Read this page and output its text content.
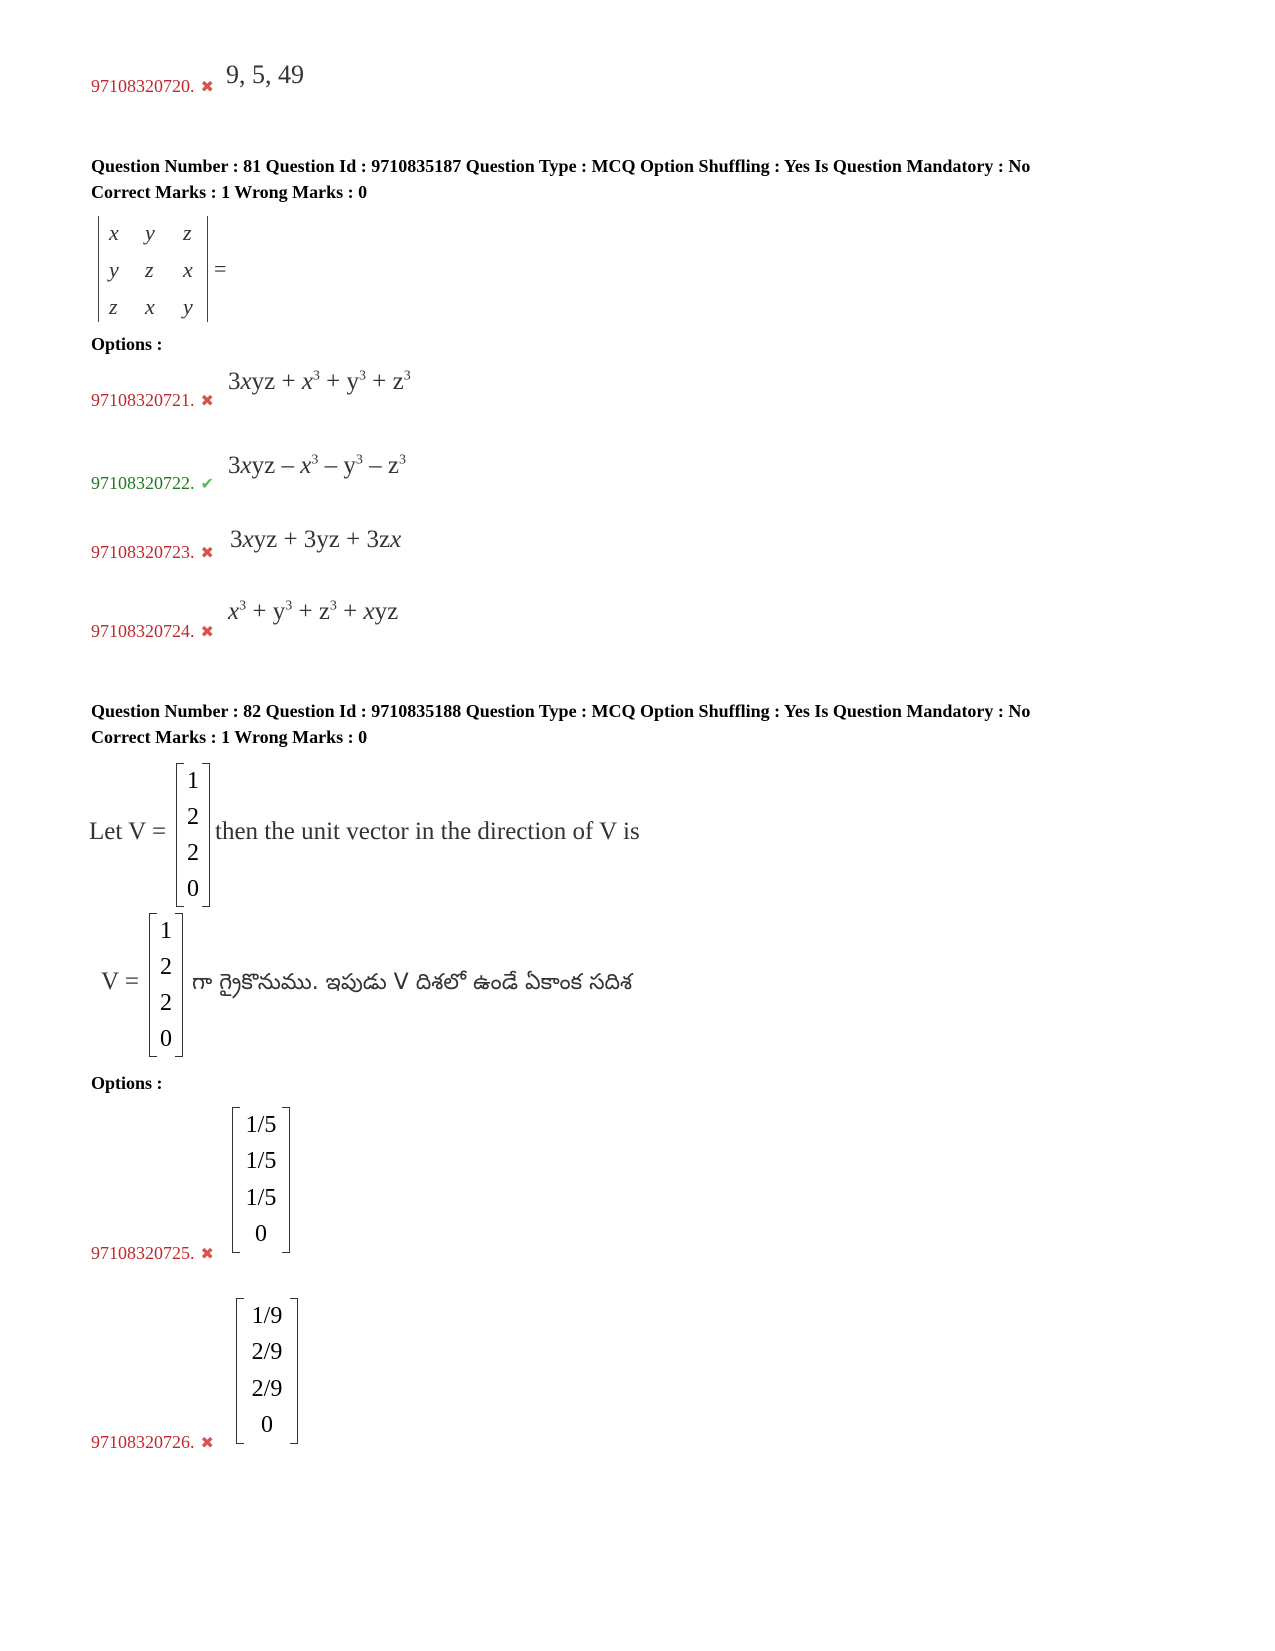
97108320720. ✖ 9, 5, 49
Question Number : 81 Question Id : 9710835187 Question Type : MCQ Option Shuffling : Yes Is Question Mandatory : No
Correct Marks : 1 Wrong Marks : 0
x y z
y z x
z x y
=
Options :
97108320721. ✖
$3xyz + x^3 + y^3 + z^3$
97108320722. ✔
$3xyz - x^3 - y^3 - z^3$
97108320723. ✖ 3xyz + 3yz + 3zx
97108320724. ✖
$x^3 + y^3 + z^3$ + xyz
Question Number : 82 Question Id : 9710835188 Question Type : MCQ Option Shuffling : Yes Is Question Mandatory : No
Correct Marks : 1 Wrong Marks : 0
Let V =
1
2
2
0
then the unit vector in the direction of V is
V =
1
2
2
0
గా గ్రైకొనుము. ఇపుడు V దిశలో ఉండే ఏకాంక సదిశ
Options :
1/5
1/5
1/5
0
97108320725. ✖
1/9
2/9
2/9
0
97108320726. ✖
